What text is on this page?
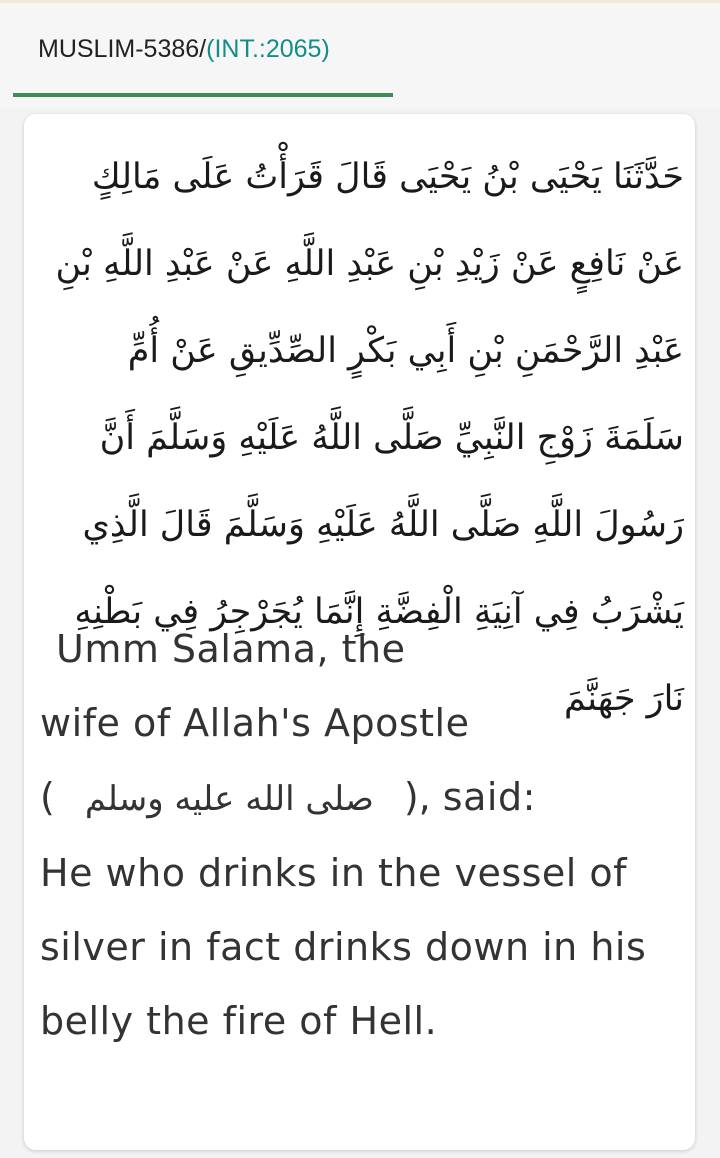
MUSLIM-5386/(INT.:2065)
حَدَّثَنَا يَحْيَى بْنُ يَحْيَى قَالَ قَرَأْتُ عَلَى مَالِكٍ عَنْ نَافِعٍ عَنْ زَيْدِ بْنِ عَبْدِ اللَّهِ عَنْ عَبْدِ اللَّهِ بْنِ عَبْدِ الرَّحْمَنِ بْنِ أَبِي بَكْرٍ الصِّدِّيقِ عَنْ أُمِّ سَلَمَةَ زَوْجِ النَّبِيِّ صَلَّى اللَّهُ عَلَيْهِ وَسَلَّمَ أَنَّ رَسُولَ اللَّهِ صَلَّى اللَّهُ عَلَيْهِ وَسَلَّمَ قَالَ الَّذِي يَشْرَبُ فِي آنِيَةِ الْفِضَّةِ إِنَّمَا يُجَرْجِرُ فِي بَطْنِهِ نَارَ جَهَنَّمَ
Umm Salama, the
wife of Allah's Apostle
( صلى الله عليه وسلم ), said:
He who drinks in the vessel of
silver in fact drinks down in his
belly the fire of Hell.
